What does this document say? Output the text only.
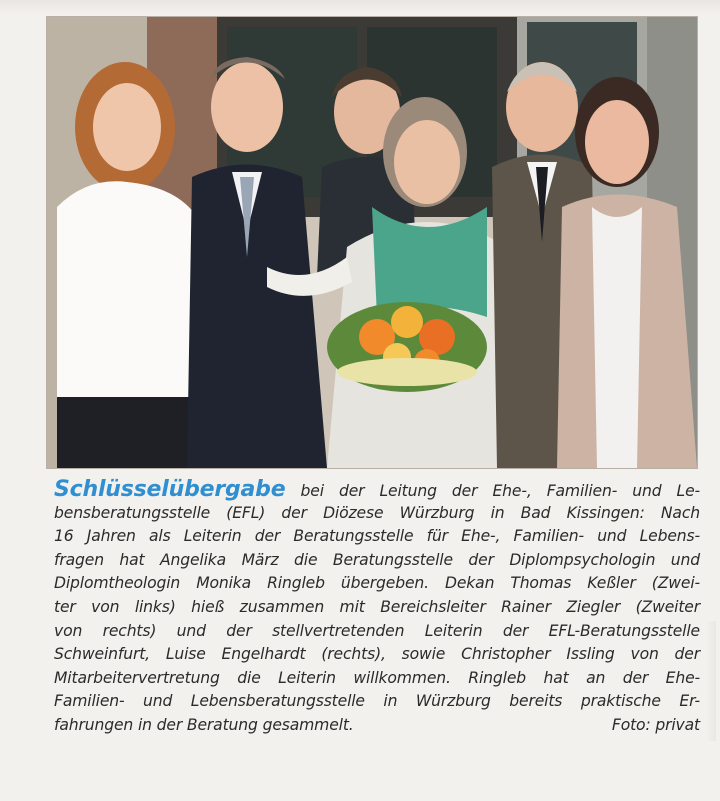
Schlüsselübergabe bei der Leitung der Ehe-, Familien- und Le-
bensberatungsstelle (EFL) der Diözese Würzburg in Bad Kissingen: Nach
16 Jahren als Leiterin der Beratungsstelle für Ehe-, Familien- und Lebens-
fragen hat Angelika März die Beratungsstelle der Diplompsychologin und
Diplomtheologin Monika Ringleb übergeben. Dekan Thomas Keßler (Zwei-
ter von links) hieß zusammen mit Bereichsleiter Rainer Ziegler (Zweiter
von rechts) und der stellvertretenden Leiterin der EFL-Beratungsstelle
Schweinfurt, Luise Engelhardt (rechts), sowie Christopher Issling von der
Mitarbeitervertretung die Leiterin willkommen. Ringleb hat an der Ehe-
Familien- und Lebensberatungsstelle in Würzburg bereits praktische Er-
fahrungen in der Beratung gesammelt.	Foto: privat
